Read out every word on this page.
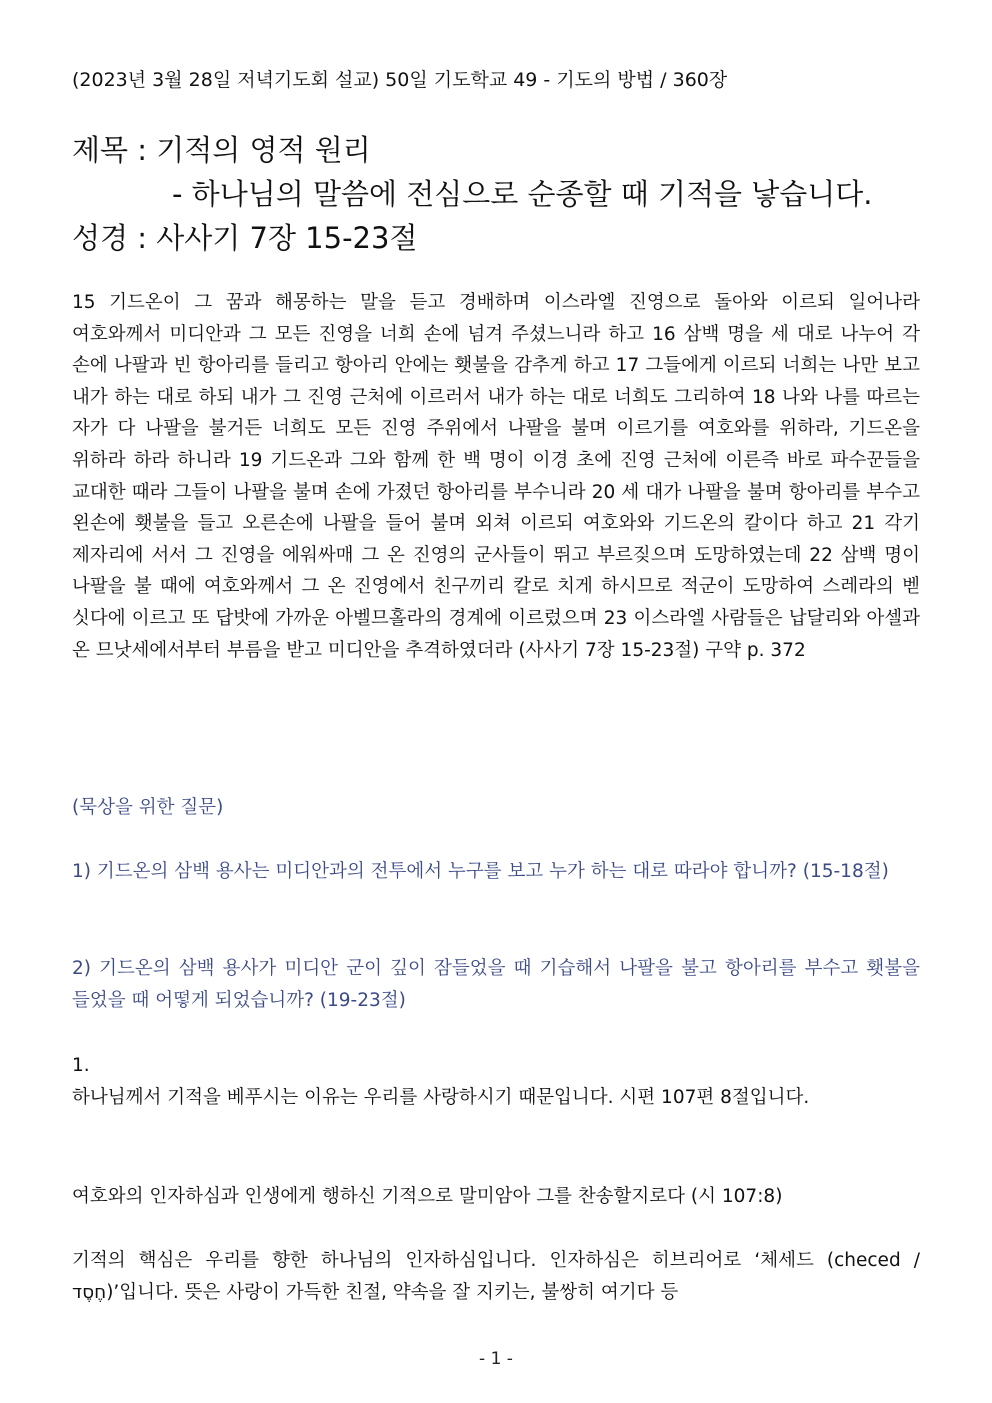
(2023년 3월 28일 저녁기도회 설교) 50일 기도학교 49 - 기도의 방법 / 360장
제목 : 기적의 영적 원리
- 하나님의 말씀에 전심으로 순종할 때 기적을 낳습니다.
성경 : 사사기 7장 15-23절
15 기드온이 그 꿈과 해몽하는 말을 듣고 경배하며 이스라엘 진영으로 돌아와 이르되 일어나라 여호와께서 미디안과 그 모든 진영을 너희 손에 넘겨 주셨느니라 하고 16 삼백 명을 세 대로 나누어 각 손에 나팔과 빈 항아리를 들리고 항아리 안에는 횃불을 감추게 하고 17 그들에게 이르되 너희는 나만 보고 내가 하는 대로 하되 내가 그 진영 근처에 이르러서 내가 하는 대로 너희도 그리하여 18 나와 나를 따르는 자가 다 나팔을 불거든 너희도 모든 진영 주위에서 나팔을 불며 이르기를 여호와를 위하라, 기드온을 위하라 하라 하니라 19 기드온과 그와 함께 한 백 명이 이경 초에 진영 근처에 이른즉 바로 파수꾼들을 교대한 때라 그들이 나팔을 불며 손에 가졌던 항아리를 부수니라 20 세 대가 나팔을 불며 항아리를 부수고 왼손에 횃불을 들고 오른손에 나팔을 들어 불며 외쳐 이르되 여호와와 기드온의 칼이다 하고 21 각기 제자리에 서서 그 진영을 에워싸매 그 온 진영의 군사들이 뛰고 부르짖으며 도망하였는데 22 삼백 명이 나팔을 불 때에 여호와께서 그 온 진영에서 친구끼리 칼로 치게 하시므로 적군이 도망하여 스레라의 벧 싯다에 이르고 또 답밧에 가까운 아벨므홀라의 경계에 이르렀으며 23 이스라엘 사람들은 납달리와 아셀과 온 므낫세에서부터 부름을 받고 미디안을 추격하였더라 (사사기 7장 15-23절) 구약 p. 372
(묵상을 위한 질문)
1) 기드온의 삼백 용사는 미디안과의 전투에서 누구를 보고 누가 하는 대로 따라야 합니까? (15-18절)
2) 기드온의 삼백 용사가 미디안 군이 깊이 잠들었을 때 기습해서 나팔을 불고 항아리를 부수고 횃불을 들었을 때 어떻게 되었습니까? (19-23절)
1.
하나님께서 기적을 베푸시는 이유는 우리를 사랑하시기 때문입니다. 시편 107편 8절입니다.
여호와의 인자하심과 인생에게 행하신 기적으로 말미암아 그를 찬송할지로다 (시 107:8)
기적의 핵심은 우리를 향한 하나님의 인자하심입니다. 인자하심은 히브리어로 ‘체세드 (checed / חֶסֶד)’입니다. 뜻은 사랑이 가득한 친절, 약속을 잘 지키는, 불쌍히 여기다 등
- 1 -
